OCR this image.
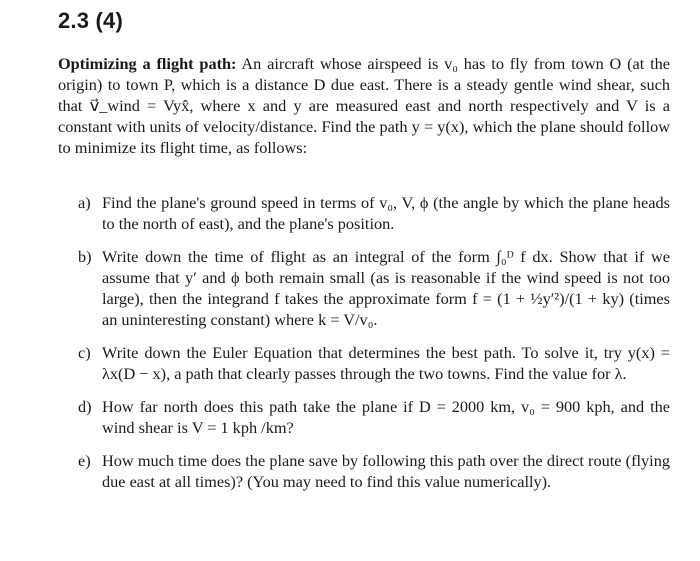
2.3 (4)

Optimizing a flight path: An aircraft whose airspeed is v₀ has to fly from town O (at the origin) to town P, which is a distance D due east. There is a steady gentle wind shear, such that v⃗_wind = Vyx̂, where x and y are measured east and north respectively and V is a constant with units of velocity/distance. Find the path y = y(x), which the plane should follow to minimize its flight time, as follows:

a) Find the plane's ground speed in terms of v₀, V, ϕ (the angle by which the plane heads to the north of east), and the plane's position.
b) Write down the time of flight as an integral of the form ∫₀ᴰ f dx. Show that if we assume that y′ and ϕ both remain small (as is reasonable if the wind speed is not too large), then the integrand f takes the approximate form f = (1 + ½y′²)/(1 + ky) (times an uninteresting constant) where k = V/v₀.
c) Write down the Euler Equation that determines the best path. To solve it, try y(x) = λx(D − x), a path that clearly passes through the two towns. Find the value for λ.
d) How far north does this path take the plane if D = 2000 km, v₀ = 900 kph, and the wind shear is V = 1 kph /km?
e) How much time does the plane save by following this path over the direct route (flying due east at all times)? (You may need to find this value numerically).
